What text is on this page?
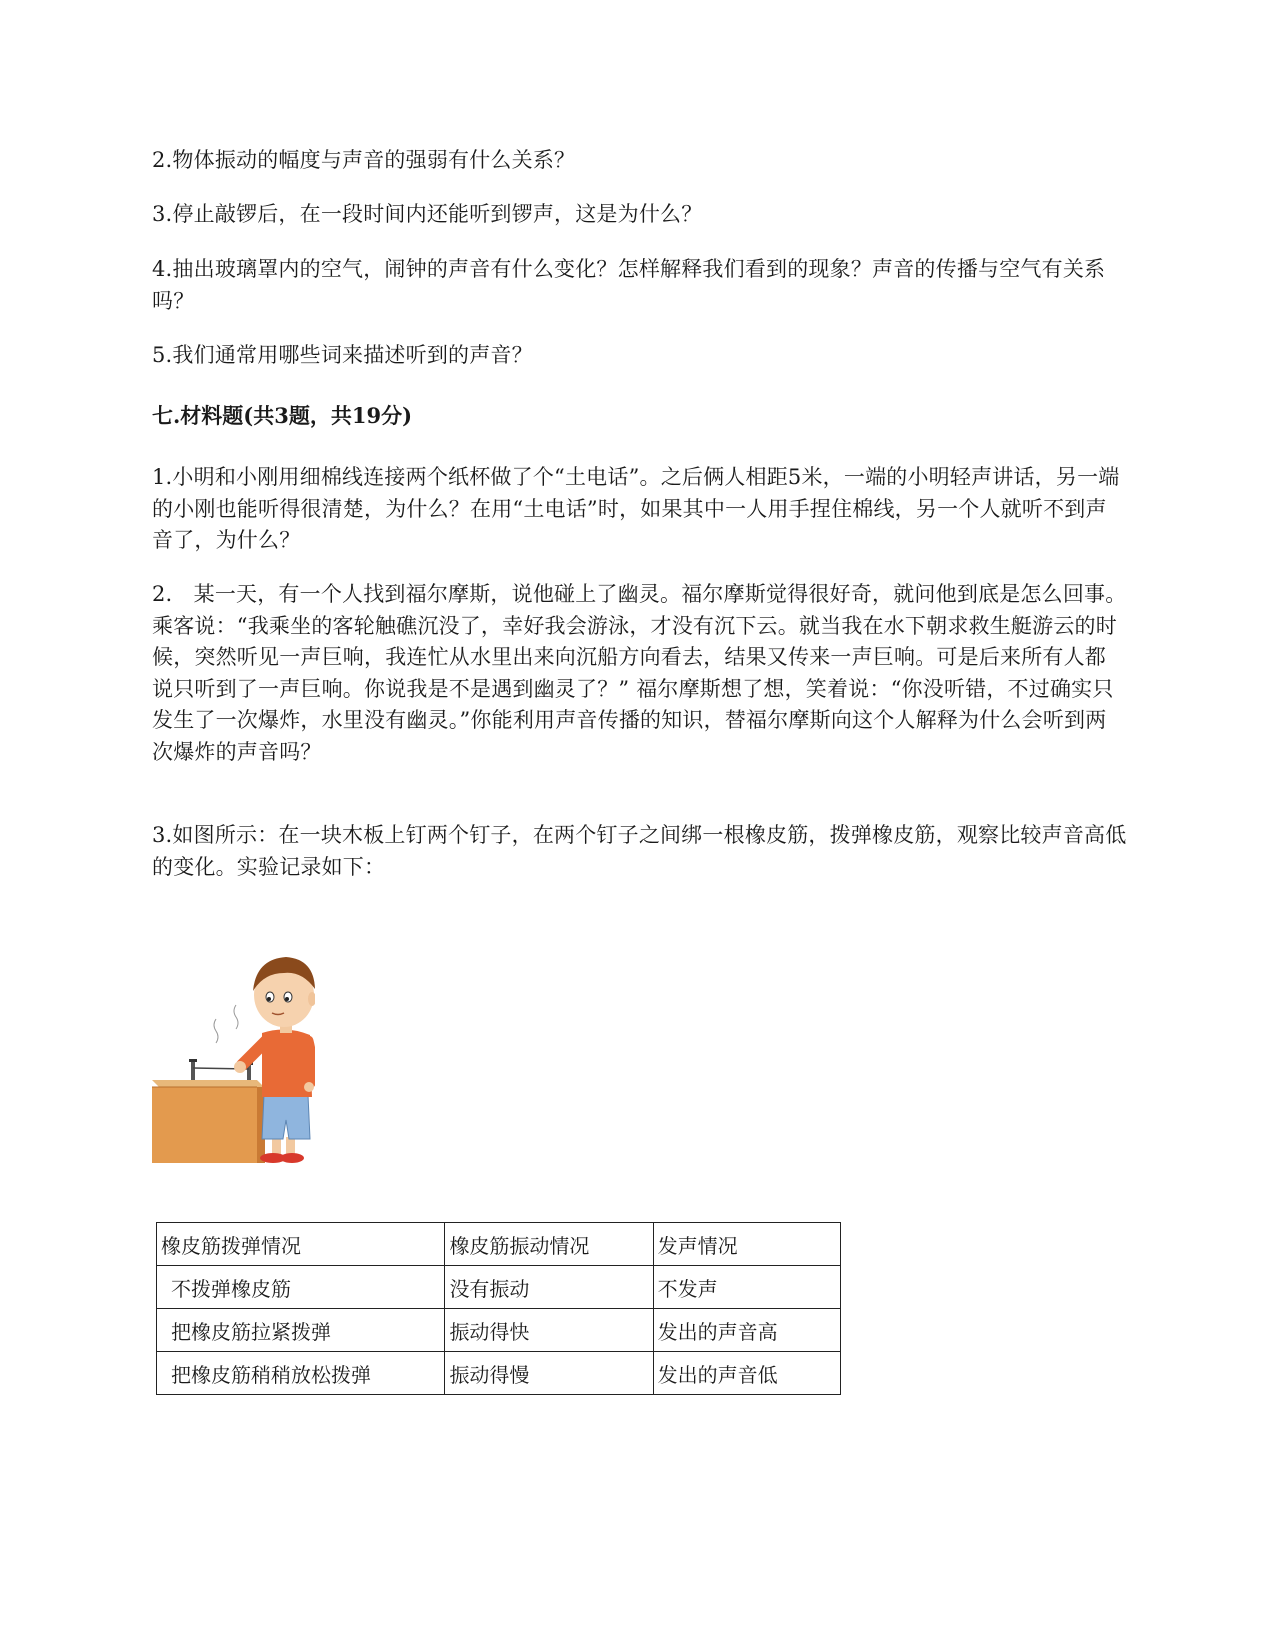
2.物体振动的幅度与声音的强弱有什么关系？

3.停止敲锣后，在一段时间内还能听到锣声，这是为什么？

4.抽出玻璃罩内的空气，闹钟的声音有什么变化？怎样解释我们看到的现象？声音的传播与空气有关系吗？

5.我们通常用哪些词来描述听到的声音？

七.材料题(共3题，共19分)

1.小明和小刚用细棉线连接两个纸杯做了个“土电话”。之后俩人相距5米，一端的小明轻声讲话，另一端的小刚也能听得很清楚，为什么？在用“土电话”时，如果其中一人用手捏住棉线，另一个人就听不到声音了，为什么？

2.　某一天，有一个人找到福尔摩斯，说他碰上了幽灵。福尔摩斯觉得很好奇，就问他到底是怎么回事。乘客说：“我乘坐的客轮触礁沉没了，幸好我会游泳，才没有沉下云。就当我在水下朝求救生艇游云的时候，突然听见一声巨响，我连忙从水里出来向沉船方向看去，结果又传来一声巨响。可是后来所有人都说只听到了一声巨响。你说我是不是遇到幽灵了？” 福尔摩斯想了想，笑着说：“你没听错，不过确实只发生了一次爆炸，水里没有幽灵。”你能利用声音传播的知识，替福尔摩斯向这个人解释为什么会听到两次爆炸的声音吗？

3.如图所示：在一块木板上钉两个钉子，在两个钉子之间绑一根橡皮筋，拨弹橡皮筋，观察比较声音高低的变化。实验记录如下：

橡皮筋拨弹情况	橡皮筋振动情况	发声情况
不拨弹橡皮筋	没有振动	不发声
把橡皮筋拉紧拨弹	振动得快	发出的声音高
把橡皮筋稍稍放松拨弹	振动得慢	发出的声音低
